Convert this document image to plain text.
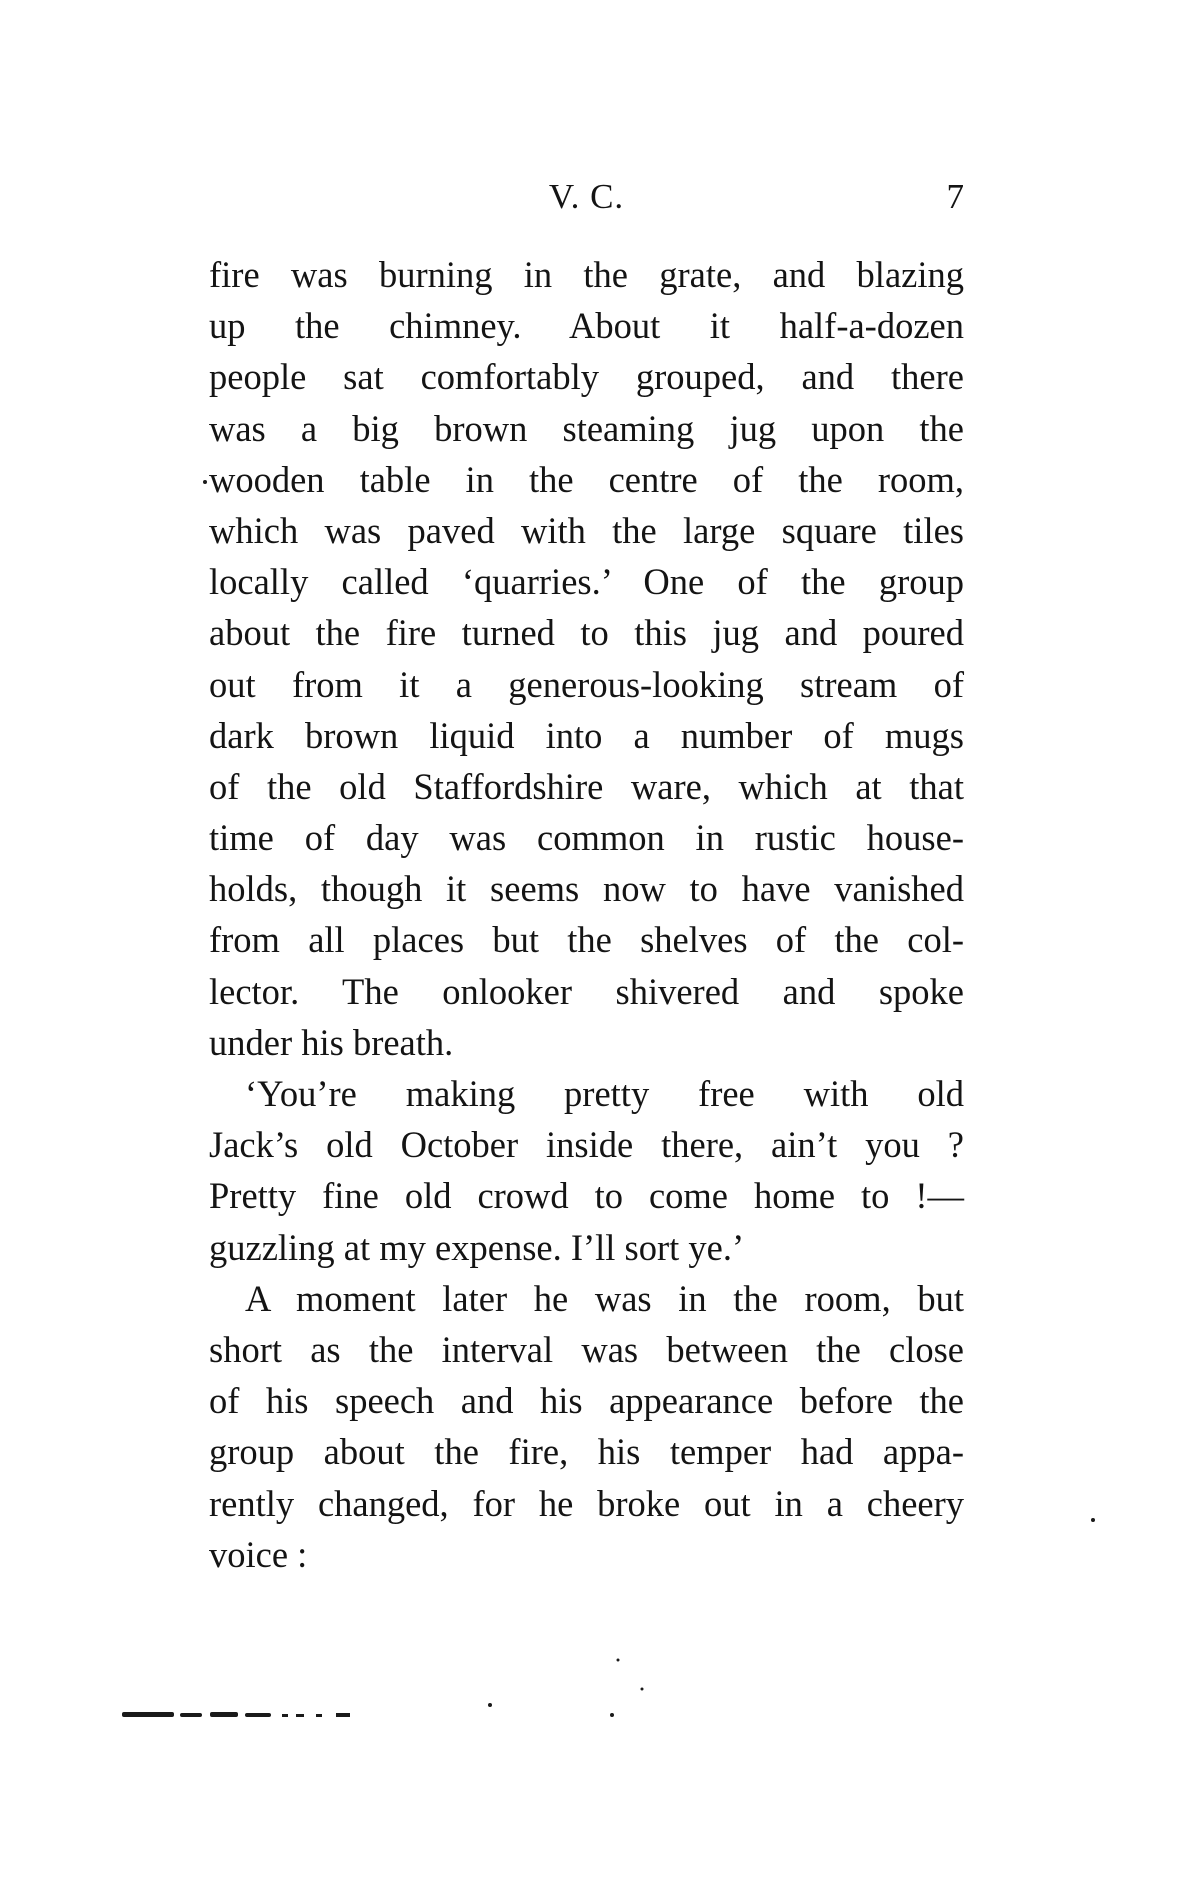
V. C.	7
fire was burning in the grate, and blazing
up the chimney. About it half-a-dozen
people sat comfortably grouped, and there
was a big brown steaming jug upon the
wooden table in the centre of the room,
which was paved with the large square tiles
locally called ‘quarries.’ One of the group
about the fire turned to this jug and poured
out from it a generous-looking stream of
dark brown liquid into a number of mugs
of the old Staffordshire ware, which at that
time of day was common in rustic house-
holds, though it seems now to have vanished
from all places but the shelves of the col-
lector. The onlooker shivered and spoke
under his breath.
‘You’re making pretty free with old
Jack’s old October inside there, ain’t you ?
Pretty fine old crowd to come home to !—
guzzling at my expense. I’ll sort ye.’
A moment later he was in the room, but
short as the interval was between the close
of his speech and his appearance before the
group about the fire, his temper had appa-
rently changed, for he broke out in a cheery
voice :
